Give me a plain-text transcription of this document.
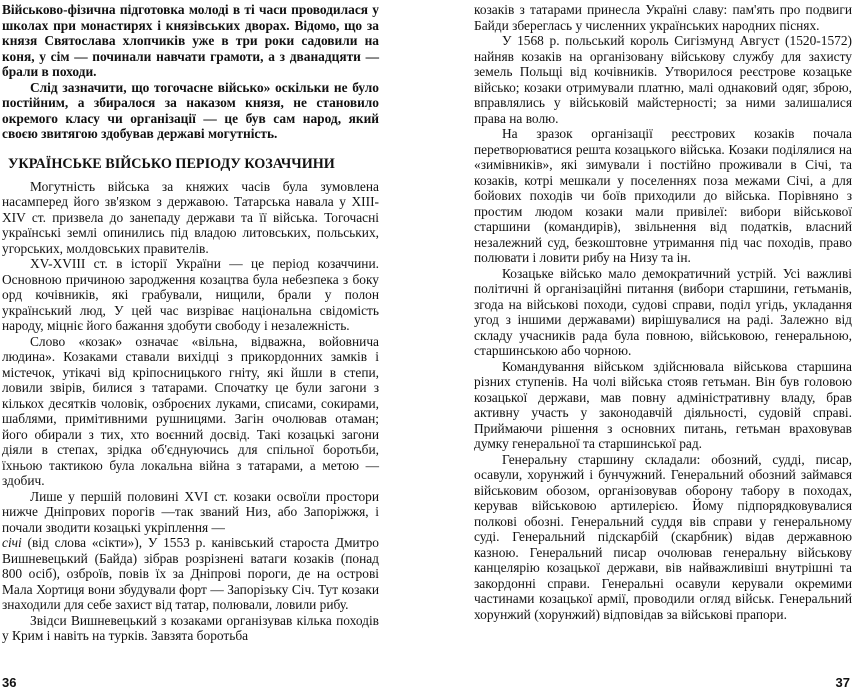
Військово-фізична підготовка молоді в ті часи проводилася у школах при монастирях і князівських дворах. Відомо, що за князя Святослава хлопчиків уже в три роки садовили на коня, у сім — починали навчати грамоти, а з дванадцяти — брали в походи.

Слід зазначити, що тогочасне військо» оскільки не було постійним, а збиралося за наказом князя, не становило окремого класу чи організації — це був сам народ, який своєю звитягою здобував державі могутність.

УКРАЇНСЬКЕ ВІЙСЬКО ПЕРІОДУ КОЗАЧЧИНИ

Могутність війська за княжих часів була зумовлена насамперед його зв'язком з державою. Татарська навала у XIII-XIV ст. призвела до занепаду держави та її війська. Тогочасні українські землі опинились під владою литовських, польських, угорських, молдовських правителів.

XV-XVIII ст. в історії України — це період козаччини. Основною причиною зародження козацтва була небезпека з боку орд кочівників, які грабували, нищили, брали у полон український люд, У цей час визріває національна свідомість народу, міцніє його бажання здобути свободу і незалежність.

Слово «козак» означає «вільна, відважна, войовнича людина». Козаками ставали вихідці з прикордонних замків і містечок, утікачі від кріпосницького гніту, які йшли в степи, ловили звірів, билися з татарами. Спочатку це були загони з кількох десятків чоловік, озброєних луками, списами, сокирами, шаблями, примітивними рушницями. Загін очолював отаман; його обирали з тих, хто воєнний досвід. Такі козацькі загони діяли в степах, зрідка об'єднуючись для спільної боротьби, їхньою тактикою була локальна війна з татарами, а метою — здобич.

Лише у першій половині XVI ст. козаки освоїли простори нижче Дніпрових порогів —так званий Низ, або Запоріжжя, і почали зводити козацькі укріплення —
січі (від слова «сікти»), У 1553 р. канівський староста Дмитро Вишневецький (Байда) зібрав розрізнені ватаги козаків (понад 800 осіб), озброїв, повів їх за Дніпрові пороги, де на острові Мала Хортиця вони збудували форт — Запорізьку Січ. Тут козаки знаходили для себе захист від татар, полювали, ловили рибу.

Звідси Вишневецький з козаками організував кілька походів у Крим і навіть на турків. Завзята боротьба

козаків з татарами принесла Україні славу: пам'ять про подвиги Байди збереглась у численних українських народних піснях.

У 1568 р. польський король Сигізмунд Август (1520-1572) найняв козаків на організовану військову службу для захисту земель Польщі від кочівників. Утворилося реєстрове козацьке військо; козаки отримували платню, малі однаковий одяг, зброю, вправлялись у військовій майстерності; за ними залишалися права на волю.

На зразок організації реєстрових козаків почала перетворюватися решта козацького війська. Козаки поділялися на «зимівників», які зимували і постійно проживали в Січі, та козаків, котрі мешкали у поселеннях поза межами Січі, а для бойових походів чи боїв приходили до війська. Порівняно з простим людом козаки мали привілеї: вибори військової старшини (командирів), звільнення від податків, власний незалежний суд, безкоштовне утримання під час походів, право полювати і ловити рибу на Низу та ін.

Козацьке військо мало демократичний устрій. Усі важливі політичні й організаційні питання (вибори старшини, гетьманів, згода на військові походи, судові справи, поділ угідь, укладання угод з іншими державами) вирішувалися на раді. Залежно від складу учасників рада була повною, військовою, генеральною, старшинською або чорною.

Командування військом здійснювала військова старшина різних ступенів. На чолі війська стояв гетьман. Він був головою козацької держави, мав повну адміністративну владу, брав активну участь у законодавчій діяльності, судовій справі. Приймаючи рішення з основних питань, гетьман враховував думку генеральної та старшинської рад.

Генеральну старшину складали: обозний, судді, писар, осавули, хорунжий і бунчужний. Генеральний обозний займався військовим обозом, організовував оборону табору в походах, керував військовою артилерією. Йому підпорядковувалися полкові обозні. Генеральний суддя вів справи у генеральному суді. Генеральний підскарбій (скарбник) відав державною казною. Генеральний писар очолював генеральну військову канцелярію козацької держави, вів найважливіші внутрішні та закордонні справи. Генеральні осавули керували окремими частинами козацької армії, проводили огляд військ. Генеральний хорунжий (хорунжий) відповідав за військові прапори.

36	37
